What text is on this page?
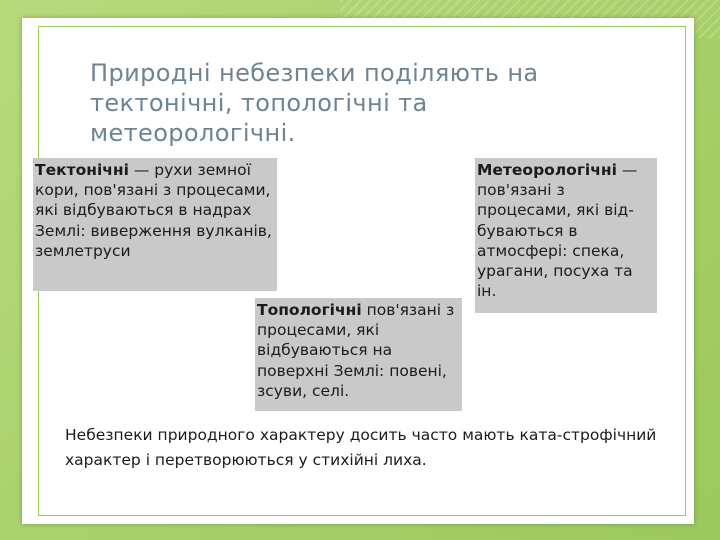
Природні небезпеки поділяють на тектонічні, топологічні та метеорологічні.
Тектонічні — рухи земної кори, пов'язані з процесами, які відбуваються в надрах Землі: виверження вулканів, землетруси
Метеорологічні — пов'язані з процесами, які від-буваються в атмосфері: спека, урагани, посуха та ін.
Топологічні пов'язані з процесами, які відбуваються на поверхні Землі: повені, зсуви, селі.

Небезпеки природного характеру досить часто мають ката-строфічний характер і перетворюються у стихійні лиха.
